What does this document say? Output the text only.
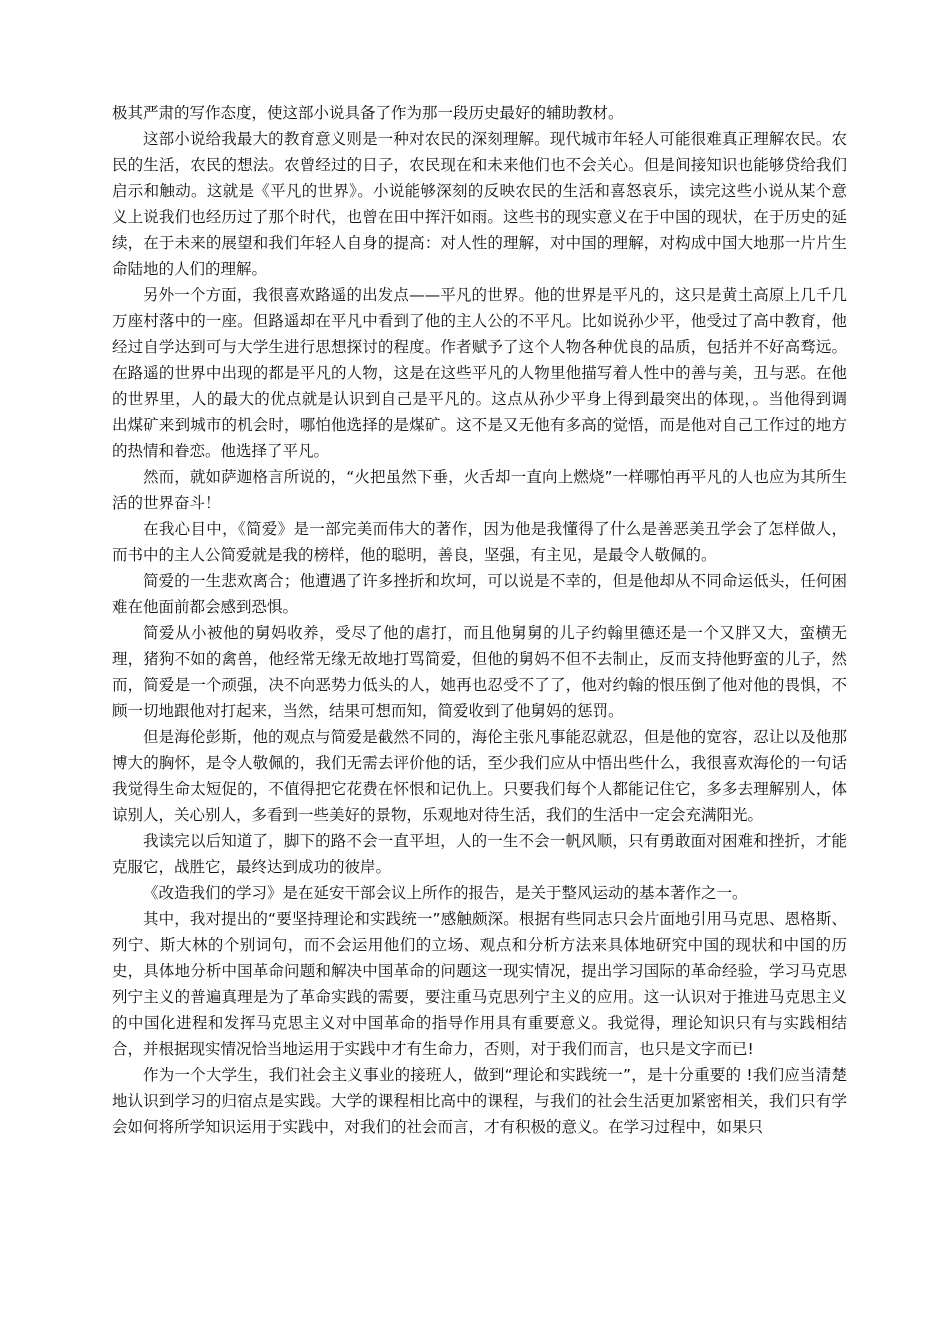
极其严肃的写作态度，使这部小说具备了作为那一段历史最好的辅助教材。

这部小说给我最大的教育意义则是一种对农民的深刻理解。现代城市年轻人可能很难真正理解农民。农民的生活，农民的想法。农曾经过的日子，农民现在和未来他们也不会关心。但是间接知识也能够贷给我们启示和触动。这就是《平凡的世界》。小说能够深刻的反映农民的生活和喜怒哀乐，读完这些小说从某个意义上说我们也经历过了那个时代，也曾在田中挥汗如雨。这些书的现实意义在于中国的现状，在于历史的延续，在于未来的展望和我们年轻人自身的提高：对人性的理解，对中国的理解，对构成中国大地那一片片生命陆地的人们的理解。

另外一个方面，我很喜欢路遥的出发点——平凡的世界。他的世界是平凡的，这只是黄土高原上几千几万座村落中的一座。但路遥却在平凡中看到了他的主人公的不平凡。比如说孙少平，他受过了高中教育，他经过自学达到可与大学生进行思想探讨的程度。作者赋予了这个人物各种优良的品质，包括并不好高骛远。在路遥的世界中出现的都是平凡的人物，这是在这些平凡的人物里他描写着人性中的善与美，丑与恶。在他的世界里，人的最大的优点就是认识到自己是平凡的。这点从孙少平身上得到最突出的体现，。当他得到调出煤矿来到城市的机会时，哪怕他选择的是煤矿。这不是又无他有多高的觉悟，而是他对自己工作过的地方的热情和眷恋。他选择了平凡。

然而，就如萨迦格言所说的，“火把虽然下垂，火舌却一直向上燃烧”一样哪怕再平凡的人也应为其所生活的世界奋斗！

在我心目中，《简爱》是一部完美而伟大的著作，因为他是我懂得了什么是善恶美丑学会了怎样做人，而书中的主人公简爱就是我的榜样，他的聪明，善良，坚强，有主见，是最令人敬佩的。

简爱的一生悲欢离合；他遭遇了许多挫折和坎坷，可以说是不幸的，但是他却从不同命运低头，任何困难在他面前都会感到恐惧。

简爱从小被他的舅妈收养，受尽了他的虐打，而且他舅舅的儿子约翰里德还是一个又胖又大，蛮横无理，猪狗不如的禽兽，他经常无缘无故地打骂简爱，但他的舅妈不但不去制止，反而支持他野蛮的儿子，然而，简爱是一个顽强，决不向恶势力低头的人，她再也忍受不了了，他对约翰的恨压倒了他对他的畏惧，不顾一切地跟他对打起来，当然，结果可想而知，简爱收到了他舅妈的惩罚。

但是海伦彭斯，他的观点与简爱是截然不同的，海伦主张凡事能忍就忍，但是他的宽容，忍让以及他那博大的胸怀，是令人敬佩的，我们无需去评价他的话，至少我们应从中悟出些什么，我很喜欢海伦的一句话我觉得生命太短促的，不值得把它花费在怀恨和记仇上。只要我们每个人都能记住它，多多去理解别人，体谅别人，关心别人，多看到一些美好的景物，乐观地对待生活，我们的生活中一定会充满阳光。

我读完以后知道了，脚下的路不会一直平坦，人的一生不会一帆风顺，只有勇敢面对困难和挫折，才能克服它，战胜它，最终达到成功的彼岸。

《改造我们的学习》是在延安干部会议上所作的报告，是关于整风运动的基本著作之一。

其中，我对提出的“要坚持理论和实践统一”感触颇深。根据有些同志只会片面地引用马克思、恩格斯、列宁、斯大林的个别词句，而不会运用他们的立场、观点和分析方法来具体地研究中国的现状和中国的历史，具体地分析中国革命问题和解决中国革命的问题这一现实情况，提出学习国际的革命经验，学习马克思列宁主义的普遍真理是为了革命实践的需要，要注重马克思列宁主义的应用。这一认识对于推进马克思主义的中国化进程和发挥马克思主义对中国革命的指导作用具有重要意义。我觉得，理论知识只有与实践相结合，并根据现实情况恰当地运用于实践中才有生命力，否则，对于我们而言，也只是文字而已!

作为一个大学生，我们社会主义事业的接班人，做到“理论和实践统一”，是十分重要的 !我们应当清楚地认识到学习的归宿点是实践。大学的课程相比高中的课程，与我们的社会生活更加紧密相关，我们只有学会如何将所学知识运用于实践中，对我们的社会而言，才有积极的意义。在学习过程中，如果只
